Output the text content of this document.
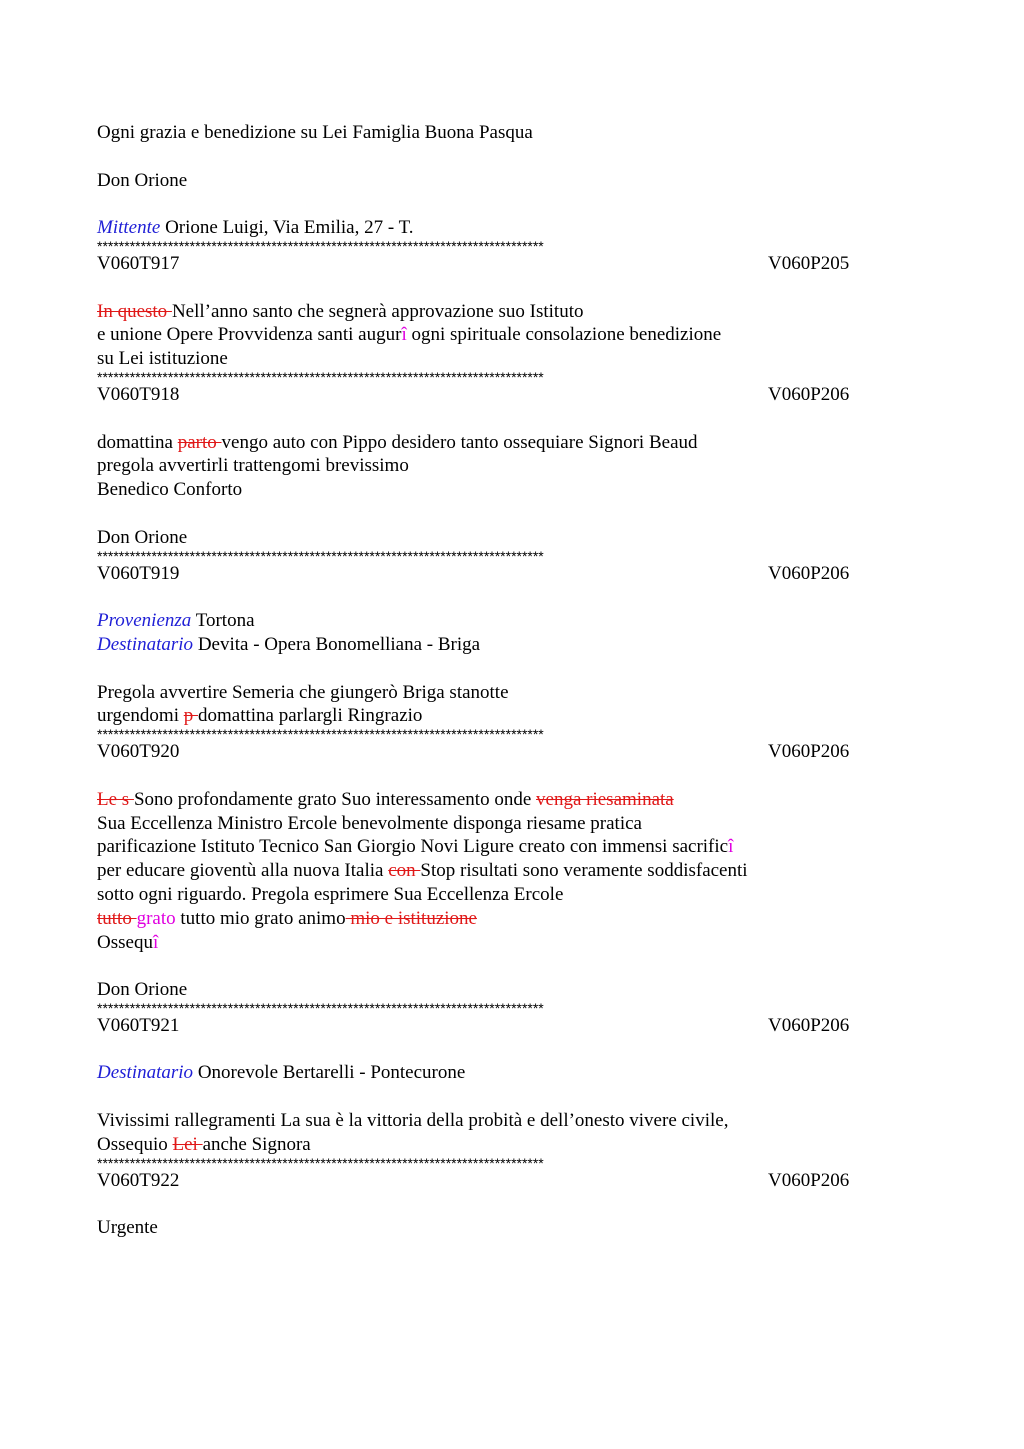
Ogni grazia e benedizione su Lei Famiglia Buona Pasqua
Don Orione
Mittente Orione Luigi, Via Emilia, 27 - T.
**********************************************************************************
V060T917	V060P205
In questo Nell’anno santo che segnerà approvazione suo Istituto
e unione Opere Provvidenza santi augurî ogni spirituale consolazione benedizione
su Lei istituzione
**********************************************************************************
V060T918	V060P206
domattina parto vengo auto con Pippo desidero tanto ossequiare Signori Beaud
pregola avvertirli trattengomi brevissimo
Benedico Conforto
Don Orione
**********************************************************************************
V060T919	V060P206
Provenienza Tortona
Destinatario Devita - Opera Bonomelliana - Briga
Pregola avvertire Semeria che giungerò Briga stanotte
urgendomi p domattina parlargli Ringrazio
**********************************************************************************
V060T920	V060P206
Le s Sono profondamente grato Suo interessamento onde venga riesaminata
Sua Eccellenza Ministro Ercole benevolmente disponga riesame pratica
parificazione Istituto Tecnico San Giorgio Novi Ligure creato con immensi sacrificî
per educare gioventù alla nuova Italia con Stop risultati sono veramente soddisfacenti
sotto ogni riguardo. Pregola esprimere Sua Eccellenza Ercole
tutto grato tutto mio grato animo mio e istituzione
Ossequî
Don Orione
**********************************************************************************
V060T921	V060P206
Destinatario Onorevole Bertarelli - Pontecurone
Vivissimi rallegramenti La sua è la vittoria della probità e dell’onesto vivere civile,
Ossequio Lei anche Signora
**********************************************************************************
V060T922	V060P206
Urgente
